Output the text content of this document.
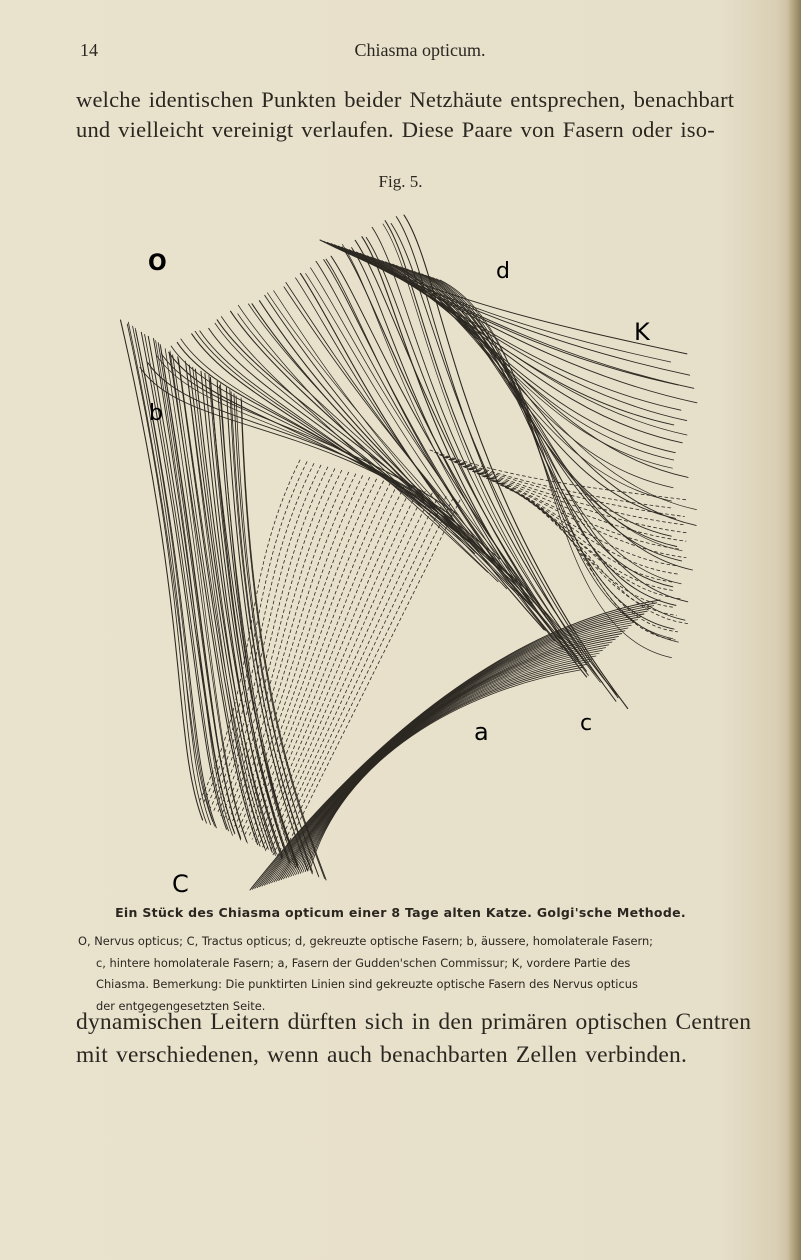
14	Chiasma opticum.
welche identischen Punkten beider Netzhäute entsprechen, benachbart
und vielleicht vereinigt verlaufen. Diese Paare von Fasern oder iso-
Fig. 5.
O	d
K
b
a	c
C
Ein Stück des Chiasma opticum einer 8 Tage alten Katze. Golgi'sche Methode.
O, Nervus opticus; C, Tractus opticus; d, gekreuzte optische Fasern; b, äussere, homolaterale Fasern;
c, hintere homolaterale Fasern; a, Fasern der Gudden'schen Commissur; K, vordere Partie des
Chiasma. Bemerkung: Die punktirten Linien sind gekreuzte optische Fasern des Nervus opticus
der entgegengesetzten Seite.
dynamischen Leitern dürften sich in den primären optischen Centren
mit verschiedenen, wenn auch benachbarten Zellen verbinden.
